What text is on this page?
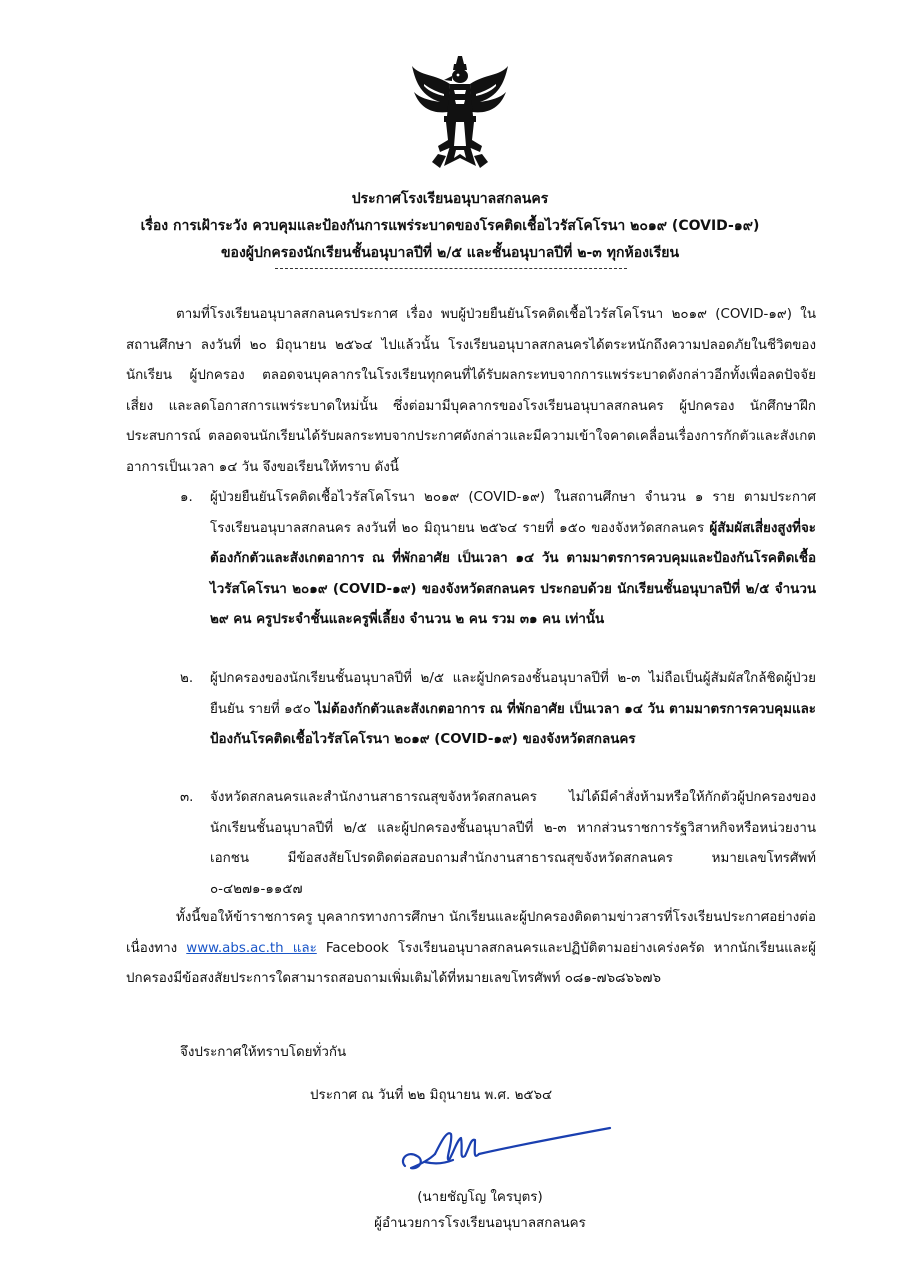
ประกาศโรงเรียนอนุบาลสกลนคร
เรื่อง การเฝ้าระวัง ควบคุมและป้องกันการแพร่ระบาดของโรคติดเชื้อไวรัสโคโรนา ๒๐๑๙ (COVID-๑๙)
ของผู้ปกครองนักเรียนชั้นอนุบาลปีที่ ๒/๕ และชั้นอนุบาลปีที่ ๒-๓ ทุกห้องเรียน
ตามที่โรงเรียนอนุบาลสกลนครประกาศ เรื่อง พบผู้ป่วยยืนยันโรคติดเชื้อไวรัสโคโรนา ๒๐๑๙ (COVID-๑๙) ในสถานศึกษา ลงวันที่ ๒๐ มิถุนายน ๒๕๖๔ ไปแล้วนั้น โรงเรียนอนุบาลสกลนครได้ตระหนักถึงความปลอดภัยในชีวิตของนักเรียน ผู้ปกครอง ตลอดจนบุคลากรในโรงเรียนทุกคนที่ได้รับผลกระทบจากการแพร่ระบาดดังกล่าวอีกทั้งเพื่อลดปัจจัยเสี่ยง และลดโอกาสการแพร่ระบาดใหม่นั้น ซึ่งต่อมามีบุคลากรของโรงเรียนอนุบาลสกลนคร ผู้ปกครอง นักศึกษาฝึกประสบการณ์ ตลอดจนนักเรียนได้รับผลกระทบจากประกาศดังกล่าวและมีความเข้าใจคาดเคลื่อนเรื่องการกักตัวและสังเกตอาการเป็นเวลา ๑๔ วัน จึงขอเรียนให้ทราบ ดังนี้
๑.	ผู้ป่วยยืนยันโรคติดเชื้อไวรัสโคโรนา ๒๐๑๙ (COVID-๑๙) ในสถานศึกษา จำนวน ๑ ราย ตามประกาศโรงเรียนอนุบาลสกลนคร ลงวันที่ ๒๐ มิถุนายน ๒๕๖๔ รายที่ ๑๕๐ ของจังหวัดสกลนคร ผู้สัมผัสเสี่ยงสูงที่จะต้องกักตัวและสังเกตอาการ ณ ที่พักอาศัย เป็นเวลา ๑๔ วัน ตามมาตรการควบคุมและป้องกันโรคติดเชื้อไวรัสโคโรนา ๒๐๑๙ (COVID-๑๙) ของจังหวัดสกลนคร ประกอบด้วย นักเรียนชั้นอนุบาลปีที่ ๒/๕ จำนวน ๒๙ คน ครูประจำชั้นและครูพี่เลี้ยง จำนวน ๒ คน รวม ๓๑ คน เท่านั้น
๒.	ผู้ปกครองของนักเรียนชั้นอนุบาลปีที่ ๒/๕ และผู้ปกครองชั้นอนุบาลปีที่ ๒-๓ ไม่ถือเป็นผู้สัมผัสใกล้ชิดผู้ป่วยยืนยัน รายที่ ๑๕๐ ไม่ต้องกักตัวและสังเกตอาการ ณ ที่พักอาศัย เป็นเวลา ๑๔ วัน ตามมาตรการควบคุมและป้องกันโรคติดเชื้อไวรัสโคโรนา ๒๐๑๙ (COVID-๑๙) ของจังหวัดสกลนคร
๓.	จังหวัดสกลนครและสำนักงานสาธารณสุขจังหวัดสกลนคร ไม่ได้มีคำสั่งห้ามหรือให้กักตัวผู้ปกครองของนักเรียนชั้นอนุบาลปีที่ ๒/๕ และผู้ปกครองชั้นอนุบาลปีที่ ๒-๓ หากส่วนราชการรัฐวิสาหกิจหรือหน่วยงานเอกชน มีข้อสงสัยโปรดติดต่อสอบถามสำนักงานสาธารณสุขจังหวัดสกลนคร หมายเลขโทรศัพท์ ๐-๔๒๗๑-๑๑๕๗
ทั้งนี้ขอให้ข้าราชการครู บุคลากรทางการศึกษา นักเรียนและผู้ปกครองติดตามข่าวสารที่โรงเรียนประกาศอย่างต่อเนื่องทาง www.abs.ac.th และ Facebook โรงเรียนอนุบาลสกลนครและปฏิบัติตามอย่างเคร่งครัด หากนักเรียนและผู้ปกครองมีข้อสงสัยประการใดสามารถสอบถามเพิ่มเติมได้ที่หมายเลขโทรศัพท์ ๐๘๑-๗๖๘๖๖๗๖
จึงประกาศให้ทราบโดยทั่วกัน
ประกาศ ณ วันที่ ๒๒ มิถุนายน พ.ศ. ๒๕๖๔
(นายชัญโญ ใครบุตร)
ผู้อำนวยการโรงเรียนอนุบาลสกลนคร
